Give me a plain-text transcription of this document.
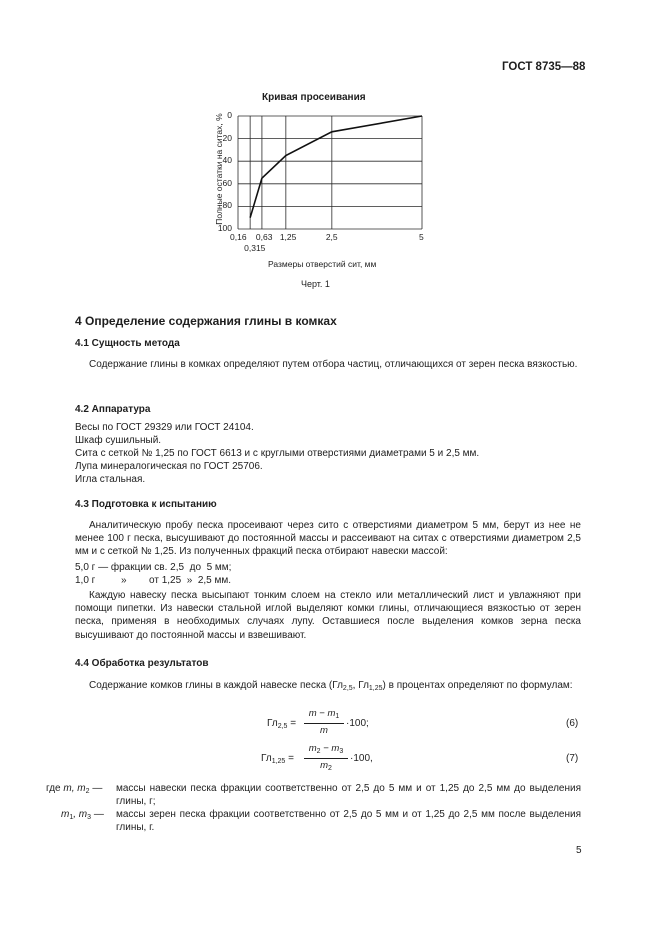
ГОСТ 8735—88
Кривая просеивания
Полные остатки на ситах, % 0
20
40
60
80
100
0,16
0,315
0,63 1,25	2,5	5
Размеры отверстий сит, мм
Черт. 1
4 Определение содержания глины в комках
4.1 Сущность метода
Содержание глины в комках определяют путем отбора частиц, отличающихся от зерен песка вязкостью.
4.2 Аппаратура
Весы по ГОСТ 29329 или ГОСТ 24104.
Шкаф сушильный.
Сита с сеткой № 1,25 по ГОСТ 6613 и с круглыми отверстиями диаметрами 5 и 2,5 мм.
Лупа минералогическая по ГОСТ 25706.
Игла стальная.
4.3 Подготовка к испытанию
Аналитическую пробу песка просеивают через сито с отверстиями диаметром 5 мм, берут из нее не менее 100 г песка, высушивают до постоянной массы и рассеивают на ситах с отверстиями диаметром 2,5 мм и с сеткой № 1,25. Из полученных фракций песка отбирают навески массой:
5,0 г — фракции св. 2,5  до  5 мм;
1,0 г	» от 1,25  »  2,5 мм.
Каждую навеску песка высыпают тонким слоем на стекло или металлический лист и увлажняют при помощи пипетки. Из навески стальной иглой выделяют комки глины, отличающиеся вязкостью от зерен песка, применяя в необходимых случаях лупу. Оставшиеся после выделения комков зерна песка высушивают до постоянной массы и взвешивают.
4.4 Обработка результатов
Содержание комков глины в каждой навеске песка ($Гл_{2,5}$, $Гл_{1,25}$) в процентах определяют по формулам:
$Гл_{2,5}$ =
$m - m_1$
m
·100;	(6)
$Гл_{1,25}$ =
$m_2 - m_3$
$m_2$
·100,	(7)
где m, $m_2$ — массы навески песка фракции соответственно от 2,5 до 5 мм и от 1,25 до 2,5 мм до выделения глины, г;
$m_1$, $m_3$ — массы зерен песка фракции соответственно от 2,5 до 5 мм и от 1,25 до 2,5 мм после выделения глины, г.
5
